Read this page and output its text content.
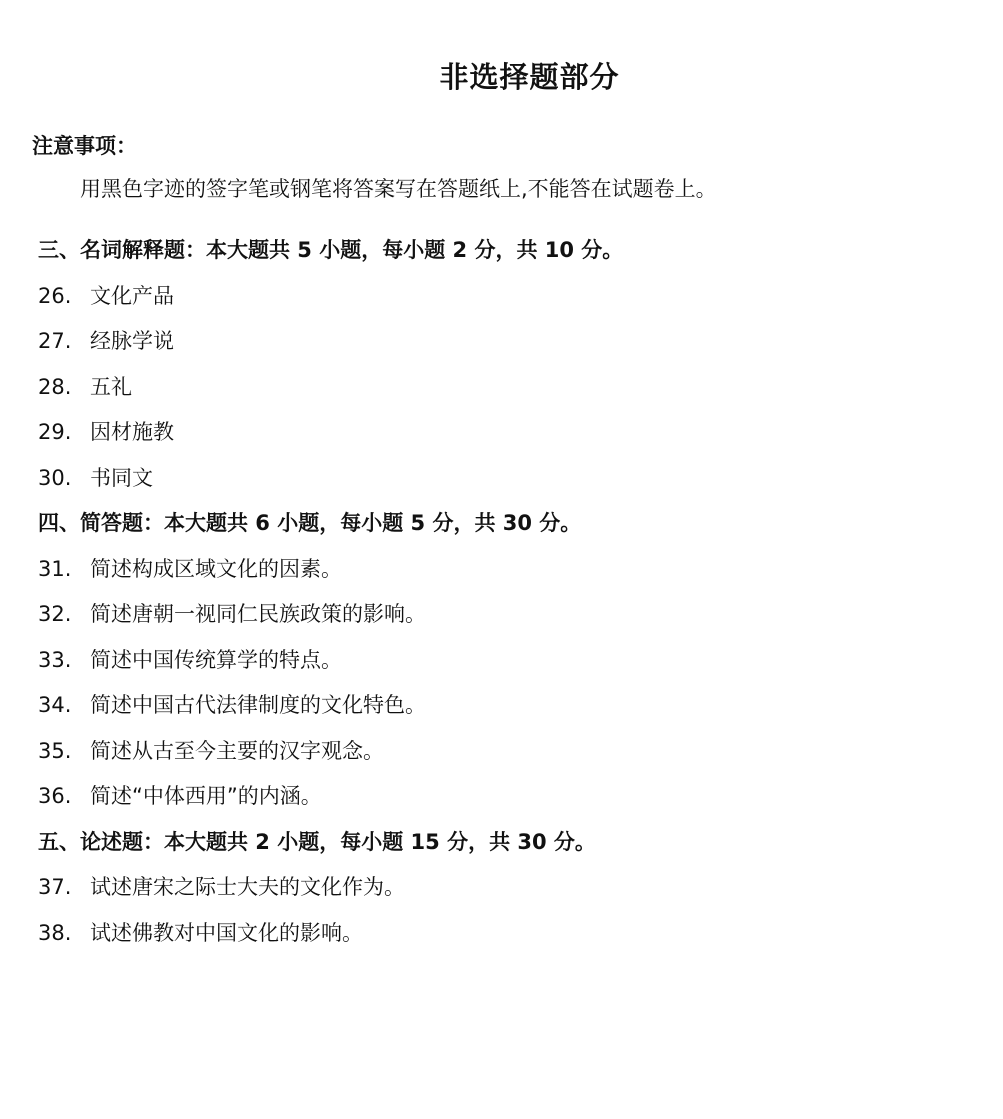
非选择题部分
注意事项：
用黑色字迹的签字笔或钢笔将答案写在答题纸上,不能答在试题卷上。
三、名词解释题：本大题共 5 小题，每小题 2 分，共 10 分。
26. 文化产品
27. 经脉学说
28. 五礼
29. 因材施教
30. 书同文
四、简答题：本大题共 6 小题，每小题 5 分，共 30 分。
31. 简述构成区域文化的因素。
32. 简述唐朝一视同仁民族政策的影响。
33. 简述中国传统算学的特点。
34. 简述中国古代法律制度的文化特色。
35. 简述从古至今主要的汉字观念。
36. 简述“中体西用”的内涵。
五、论述题：本大题共 2 小题，每小题 15 分，共 30 分。
37. 试述唐宋之际士大夫的文化作为。
38. 试述佛教对中国文化的影响。
